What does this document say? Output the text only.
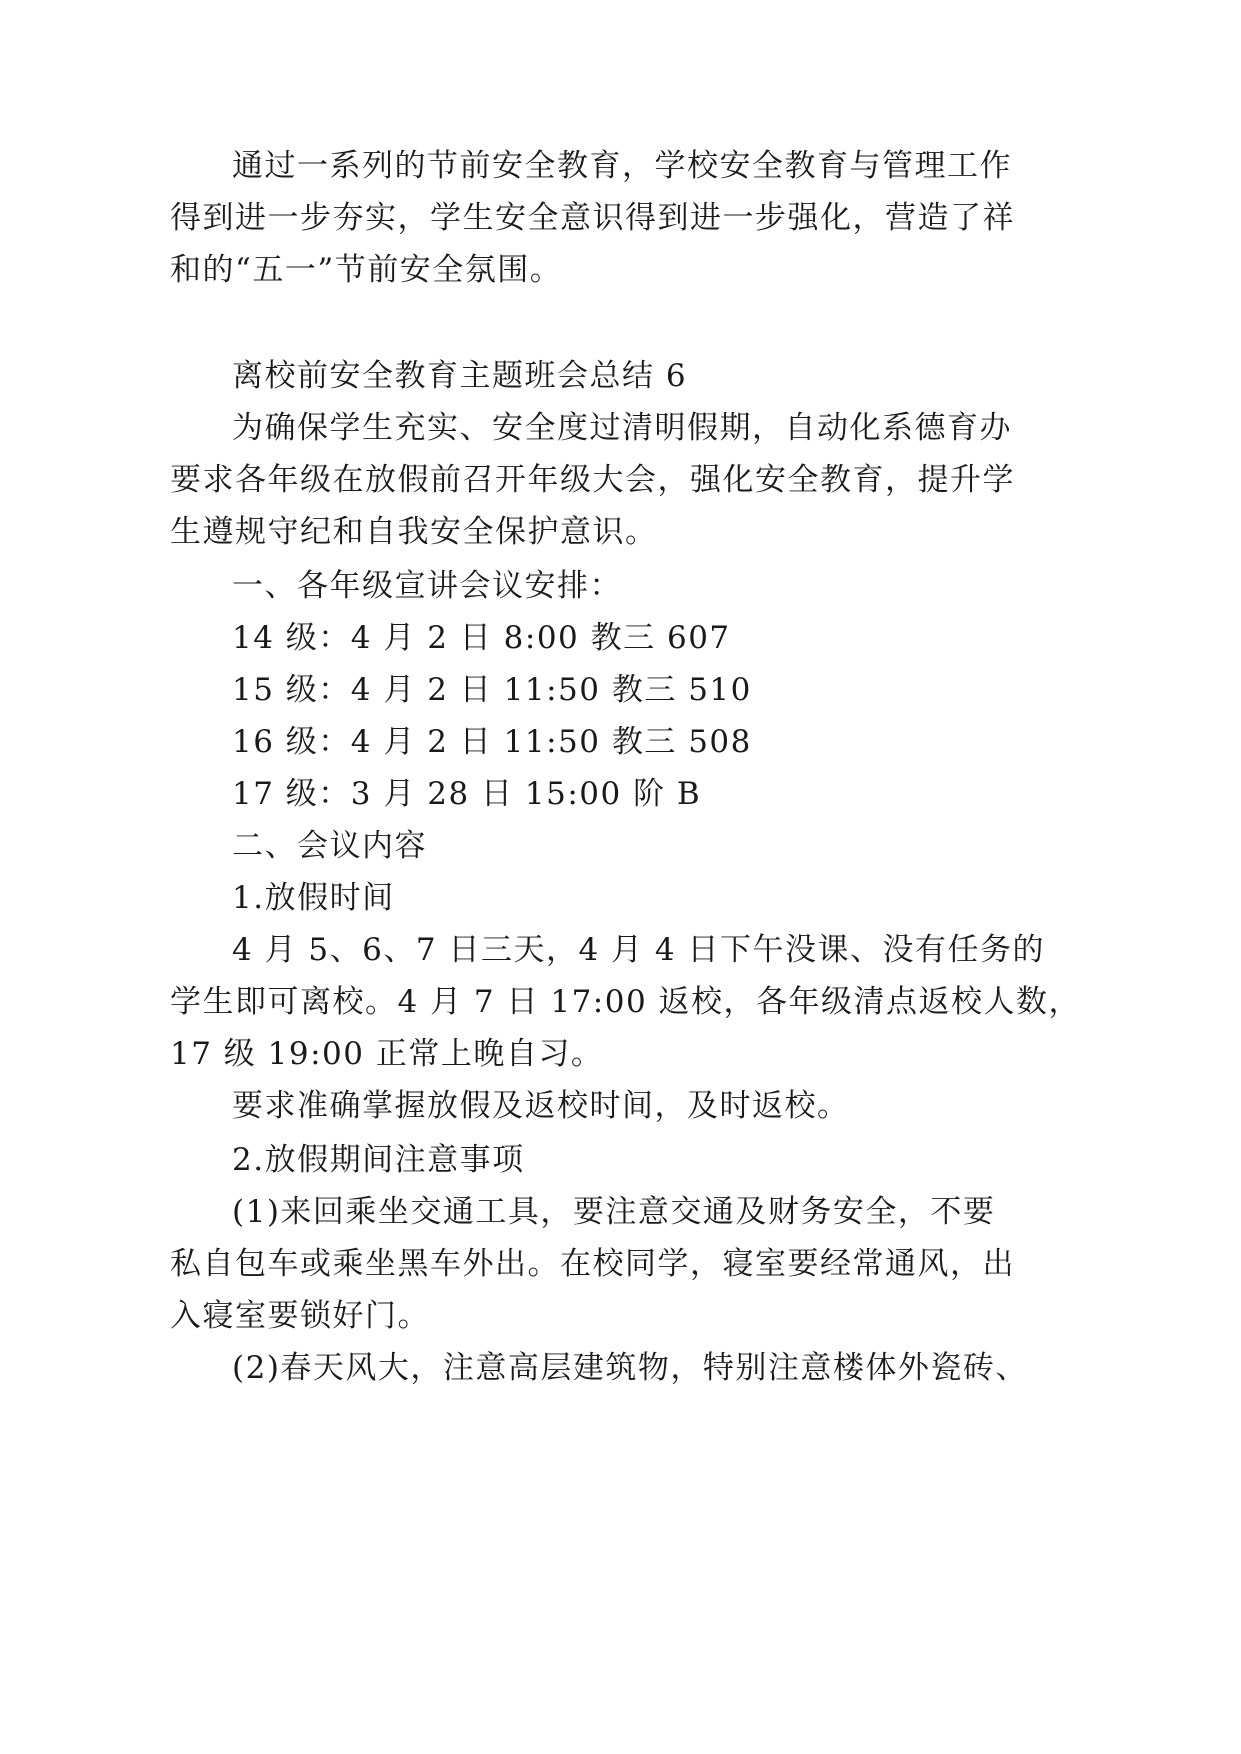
通过一系列的节前安全教育，学校安全教育与管理工作
得到进一步夯实，学生安全意识得到进一步强化，营造了祥
和的“五一”节前安全氛围。
离校前安全教育主题班会总结 6
为确保学生充实、安全度过清明假期，自动化系德育办
要求各年级在放假前召开年级大会，强化安全教育，提升学
生遵规守纪和自我安全保护意识。
一、各年级宣讲会议安排：
14 级：4 月 2 日 8:00 教三 607
15 级：4 月 2 日 11:50 教三 510
16 级：4 月 2 日 11:50 教三 508
17 级：3 月 28 日 15:00 阶 B
二、会议内容
1.放假时间
4 月 5、6、7 日三天，4 月 4 日下午没课、没有任务的
学生即可离校。4 月 7 日 17:00 返校，各年级清点返校人数，
17 级 19:00 正常上晚自习。
要求准确掌握放假及返校时间，及时返校。
2.放假期间注意事项
(1)来回乘坐交通工具，要注意交通及财务安全，不要
私自包车或乘坐黑车外出。在校同学，寝室要经常通风，出
入寝室要锁好门。
(2)春天风大，注意高层建筑物，特别注意楼体外瓷砖、
